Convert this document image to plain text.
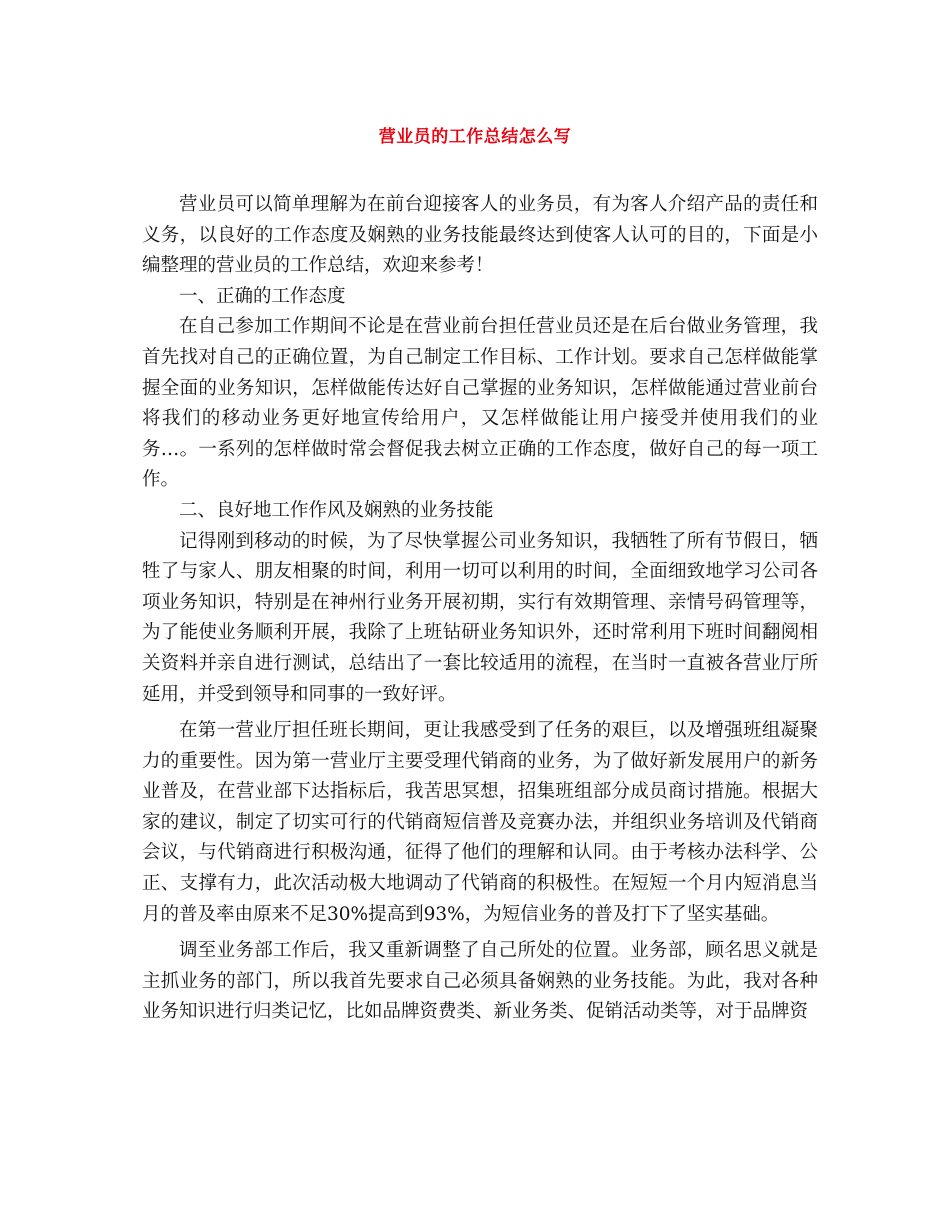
营业员的工作总结怎么写

营业员可以简单理解为在前台迎接客人的业务员，有为客人介绍产品的责任和义务，以良好的工作态度及娴熟的业务技能最终达到使客人认可的目的，下面是小编整理的营业员的工作总结，欢迎来参考！

一、正确的工作态度

在自己参加工作期间不论是在营业前台担任营业员还是在后台做业务管理，我首先找对自己的正确位置，为自己制定工作目标、工作计划。要求自己怎样做能掌握全面的业务知识，怎样做能传达好自己掌握的业务知识，怎样做能通过营业前台将我们的移动业务更好地宣传给用户，又怎样做能让用户接受并使用我们的业务…。一系列的怎样做时常会督促我去树立正确的工作态度，做好自己的每一项工作。

二、良好地工作作风及娴熟的业务技能

记得刚到移动的时候，为了尽快掌握公司业务知识，我牺牲了所有节假日，牺牲了与家人、朋友相聚的时间，利用一切可以利用的时间，全面细致地学习公司各项业务知识，特别是在神州行业务开展初期，实行有效期管理、亲情号码管理等，为了能使业务顺利开展，我除了上班钻研业务知识外，还时常利用下班时间翻阅相关资料并亲自进行测试，总结出了一套比较适用的流程，在当时一直被各营业厅所延用，并受到领导和同事的一致好评。

在第一营业厅担任班长期间，更让我感受到了任务的艰巨，以及增强班组凝聚力的重要性。因为第一营业厅主要受理代销商的业务，为了做好新发展用户的新务业普及，在营业部下达指标后，我苦思冥想，招集班组部分成员商讨措施。根据大家的建议，制定了切实可行的代销商短信普及竞赛办法，并组织业务培训及代销商会议，与代销商进行积极沟通，征得了他们的理解和认同。由于考核办法科学、公正、支撑有力，此次活动极大地调动了代销商的积极性。在短短一个月内短消息当月的普及率由原来不足30%提高到93%，为短信业务的普及打下了坚实基础。

调至业务部工作后，我又重新调整了自己所处的位置。业务部，顾名思义就是主抓业务的部门，所以我首先要求自己必须具备娴熟的业务技能。为此，我对各种业务知识进行归类记忆，比如品牌资费类、新业务类、促销活动类等，对于品牌资
